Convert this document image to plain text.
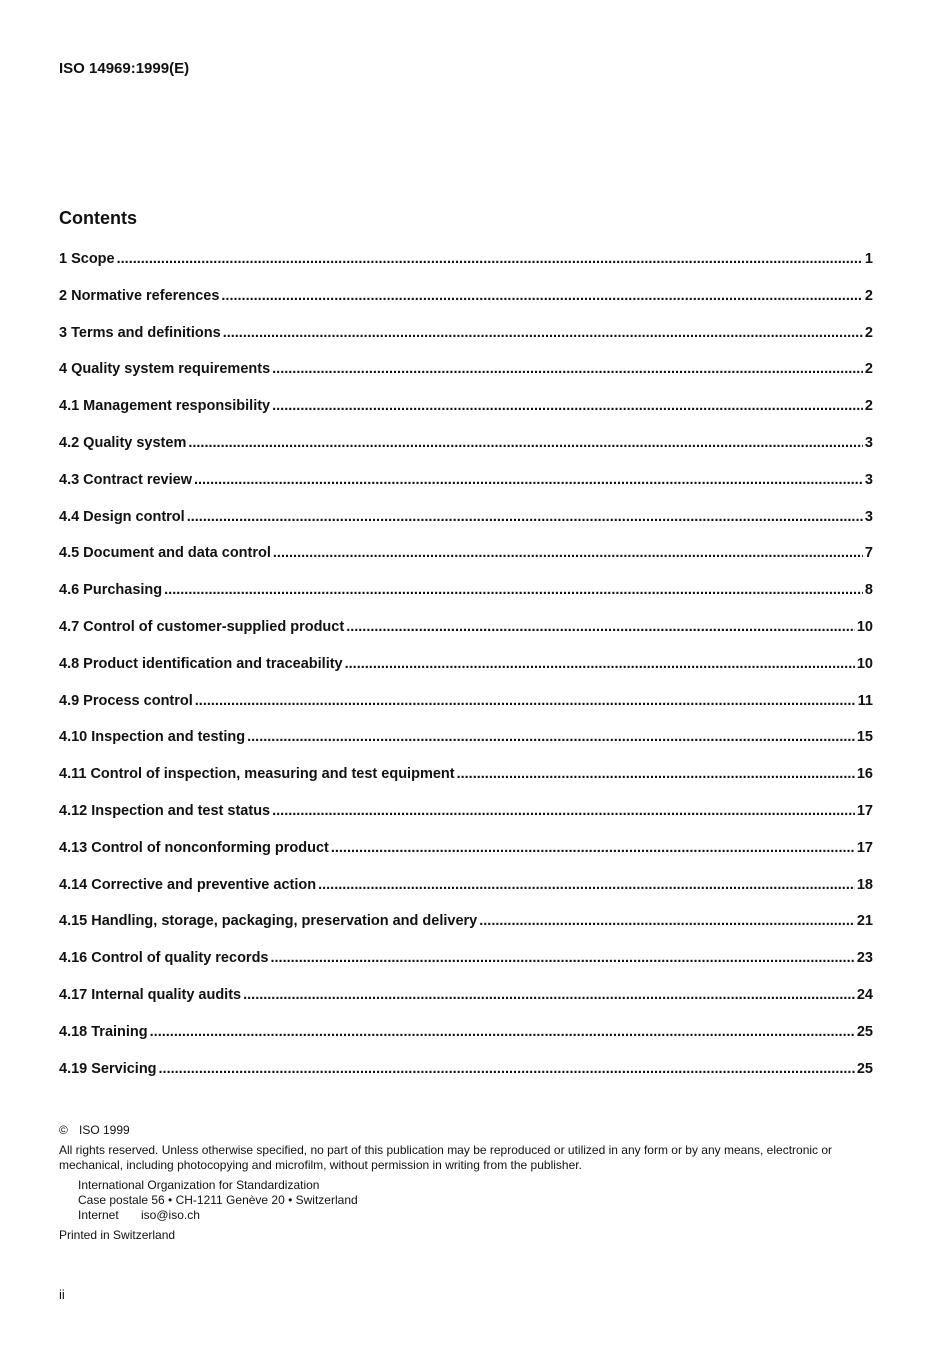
ISO 14969:1999(E)
Contents
1 Scope .....	1
2 Normative references .....	2
3 Terms and definitions .....	2
4 Quality system requirements .....	2
4.1 Management responsibility .....	2
4.2 Quality system .....	3
4.3 Contract review .....	3
4.4 Design control .....	3
4.5 Document and data control .....	7
4.6 Purchasing .....	8
4.7 Control of customer-supplied product .....	10
4.8 Product identification and traceability .....	10
4.9 Process control .....	11
4.10 Inspection and testing .....	15
4.11 Control of inspection, measuring and test equipment .....	16
4.12 Inspection and test status .....	17
4.13 Control of nonconforming product .....	17
4.14 Corrective and preventive action .....	18
4.15 Handling, storage, packaging, preservation and delivery .....	21
4.16 Control of quality records .....	23
4.17 Internal quality audits .....	24
4.18 Training .....	25
4.19 Servicing .....	25

© ISO 1999

All rights reserved. Unless otherwise specified, no part of this publication may be reproduced or utilized in any form or by any means, electronic or mechanical, including photocopying and microfilm, without permission in writing from the publisher.

International Organization for Standardization

Case postale 56 • CH-1211 Genève 20 • Switzerland

Internet iso@iso.ch

Printed in Switzerland

ii
